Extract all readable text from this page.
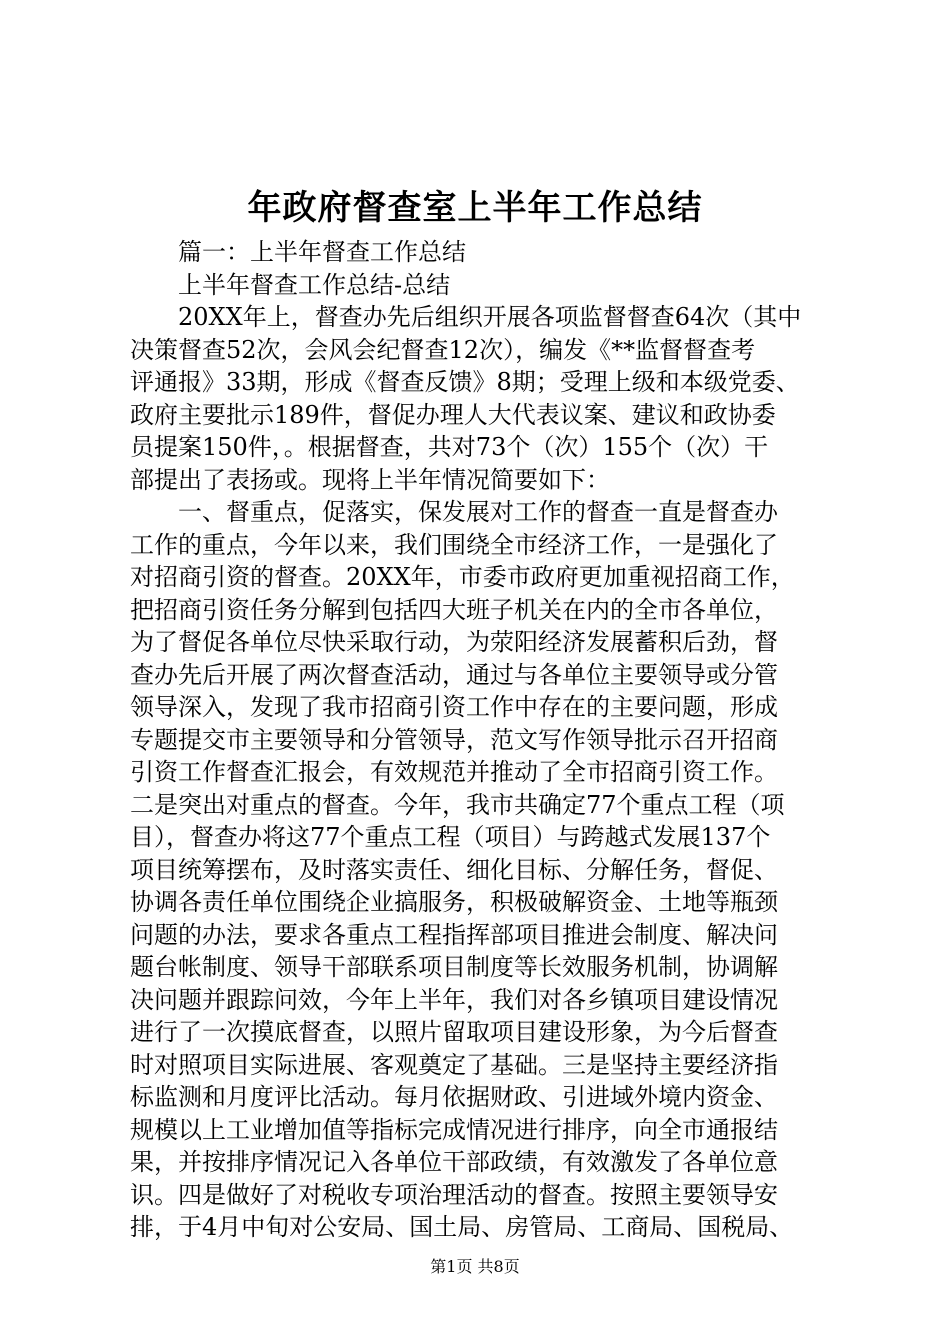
年政府督查室上半年工作总结
篇一：上半年督查工作总结
上半年督查工作总结-总结
20XX年上，督查办先后组织开展各项监督督查64次（其中
决策督查52次，会风会纪督查12次），编发《**监督督查考
评通报》33期，形成《督查反馈》8期；受理上级和本级党委、
政府主要批示189件，督促办理人大代表议案、建议和政协委
员提案150件，。根据督查，共对73个（次）155个（次）干
部提出了表扬或。现将上半年情况简要如下：
一、督重点，促落实，保发展对工作的督查一直是督查办
工作的重点，今年以来，我们围绕全市经济工作，一是强化了
对招商引资的督查。20XX年，市委市政府更加重视招商工作，
把招商引资任务分解到包括四大班子机关在内的全市各单位，
为了督促各单位尽快采取行动，为荥阳经济发展蓄积后劲，督
查办先后开展了两次督查活动，通过与各单位主要领导或分管
领导深入，发现了我市招商引资工作中存在的主要问题，形成
专题提交市主要领导和分管领导，范文写作领导批示召开招商
引资工作督查汇报会，有效规范并推动了全市招商引资工作。
二是突出对重点的督查。今年，我市共确定77个重点工程（项
目），督查办将这77个重点工程（项目）与跨越式发展137个
项目统筹摆布，及时落实责任、细化目标、分解任务，督促、
协调各责任单位围绕企业搞服务，积极破解资金、土地等瓶颈
问题的办法，要求各重点工程指挥部项目推进会制度、解决问
题台帐制度、领导干部联系项目制度等长效服务机制，协调解
决问题并跟踪问效，今年上半年，我们对各乡镇项目建设情况
进行了一次摸底督查，以照片留取项目建设形象，为今后督查
时对照项目实际进展、客观奠定了基础。三是坚持主要经济指
标监测和月度评比活动。每月依据财政、引进域外境内资金、
规模以上工业增加值等指标完成情况进行排序，向全市通报结
果，并按排序情况记入各单位干部政绩，有效激发了各单位意
识。四是做好了对税收专项治理活动的督查。按照主要领导安
排，于4月中旬对公安局、国土局、房管局、工商局、国税局、
第1页 共8页
